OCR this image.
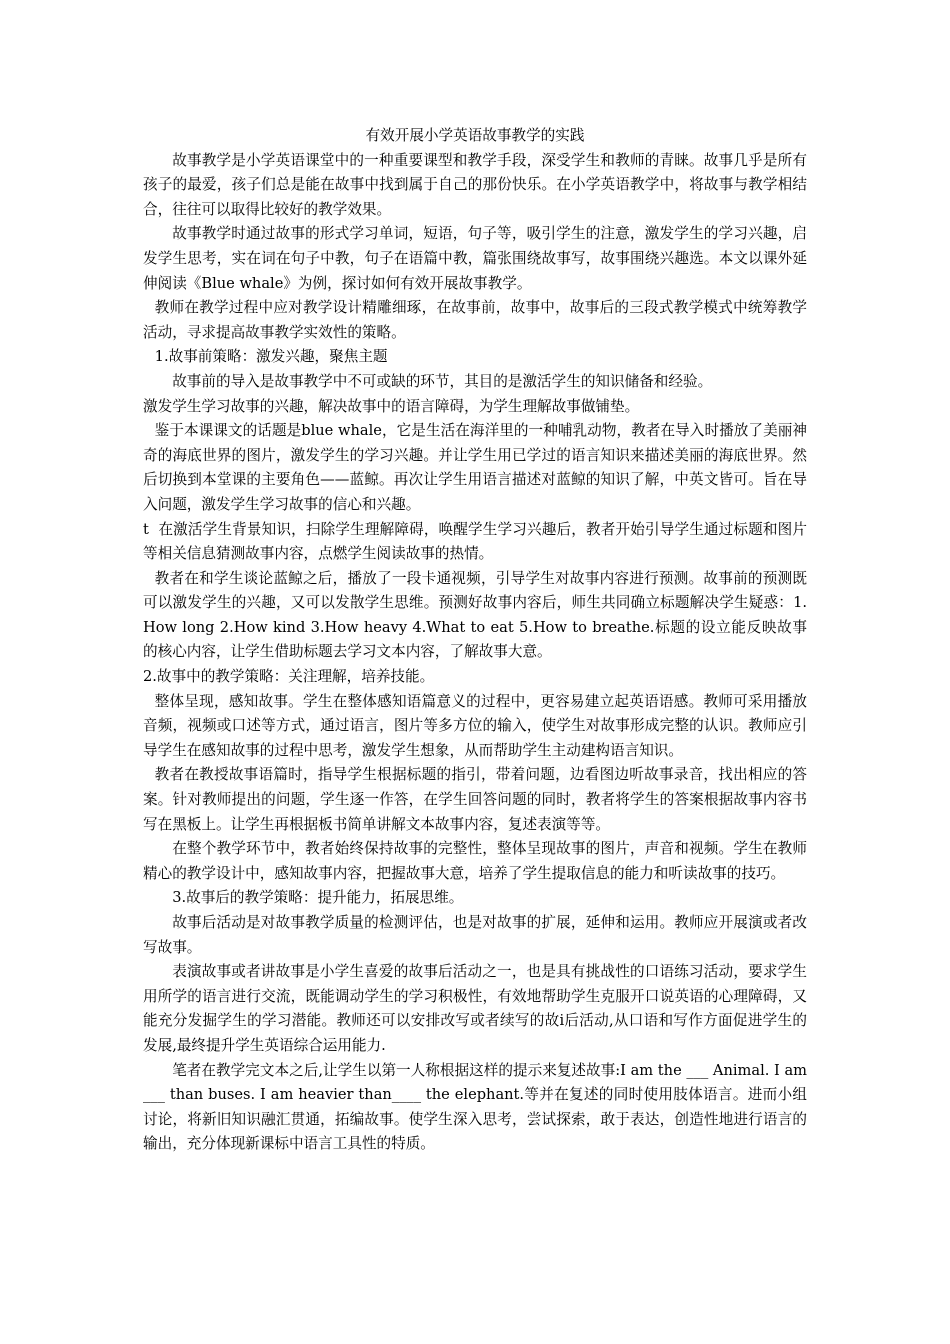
有效开展小学英语故事教学的实践

故事教学是小学英语课堂中的一种重要课型和教学手段，深受学生和教师的青睐。故事几乎是所有孩子的最爱，孩子们总是能在故事中找到属于自己的那份快乐。在小学英语教学中，将故事与教学相结合，往往可以取得比较好的教学效果。

故事教学时通过故事的形式学习单词，短语，句子等，吸引学生的注意，激发学生的学习兴趣，启发学生思考，实在词在句子中教，句子在语篇中教，篇张围绕故事写，故事围绕兴趣选。本文以课外延伸阅读《Blue whale》为例，探讨如何有效开展故事教学。

教师在教学过程中应对教学设计精雕细琢，在故事前，故事中，故事后的三段式教学模式中统筹教学活动，寻求提高故事教学实效性的策略。

1.故事前策略：激发兴趣，聚焦主题

故事前的导入是故事教学中不可或缺的环节，其目的是激活学生的知识储备和经验。

激发学生学习故事的兴趣，解决故事中的语言障碍，为学生理解故事做铺垫。

鉴于本课课文的话题是blue whale，它是生活在海洋里的一种哺乳动物，教者在导入时播放了美丽神奇的海底世界的图片，激发学生的学习兴趣。并让学生用已学过的语言知识来描述美丽的海底世界。然后切换到本堂课的主要角色——蓝鲸。再次让学生用语言描述对蓝鲸的知识了解，中英文皆可。旨在导入问题，激发学生学习故事的信心和兴趣。

t  在激活学生背景知识，扫除学生理解障碍，唤醒学生学习兴趣后，教者开始引导学生通过标题和图片等相关信息猜测故事内容，点燃学生阅读故事的热情。

教者在和学生谈论蓝鲸之后，播放了一段卡通视频，引导学生对故事内容进行预测。故事前的预测既可以激发学生的兴趣，又可以发散学生思维。预测好故事内容后，师生共同确立标题解决学生疑惑：1.How long 2.How kind 3.How heavy 4.What to eat 5.How to breathe.标题的设立能反映故事的核心内容，让学生借助标题去学习文本内容，了解故事大意。

2.故事中的教学策略：关注理解，培养技能。

整体呈现，感知故事。学生在整体感知语篇意义的过程中，更容易建立起英语语感。教师可采用播放音频，视频或口述等方式，通过语言，图片等多方位的输入，使学生对故事形成完整的认识。教师应引导学生在感知故事的过程中思考，激发学生想象，从而帮助学生主动建构语言知识。

教者在教授故事语篇时，指导学生根据标题的指引，带着问题，边看图边听故事录音，找出相应的答案。针对教师提出的问题，学生逐一作答，在学生回答问题的同时，教者将学生的答案根据故事内容书写在黑板上。让学生再根据板书简单讲解文本故事内容，复述表演等等。

在整个教学环节中，教者始终保持故事的完整性，整体呈现故事的图片，声音和视频。学生在教师精心的教学设计中，感知故事内容，把握故事大意，培养了学生提取信息的能力和听读故事的技巧。

3.故事后的教学策略：提升能力，拓展思维。

故事后活动是对故事教学质量的检测评估，也是对故事的扩展，延伸和运用。教师应开展演或者改写故事。

表演故事或者讲故事是小学生喜爱的故事后活动之一，也是具有挑战性的口语练习活动，要求学生用所学的语言进行交流，既能调动学生的学习积极性，有效地帮助学生克服开口说英语的心理障碍，又能充分发掘学生的学习潜能。教师还可以安排改写或者续写的故i后活动,从口语和写作方面促进学生的发展,最终提升学生英语综合运用能力.

笔者在教学完文本之后,让学生以第一人称根据这样的提示来复述故事:I am the ___ Animal. I am ___ than buses. I am heavier than____ the elephant.等并在复述的同时使用肢体语言。进而小组讨论，将新旧知识融汇贯通，拓编故事。使学生深入思考，尝试探索，敢于表达，创造性地进行语言的输出，充分体现新课标中语言工具性的特质。
